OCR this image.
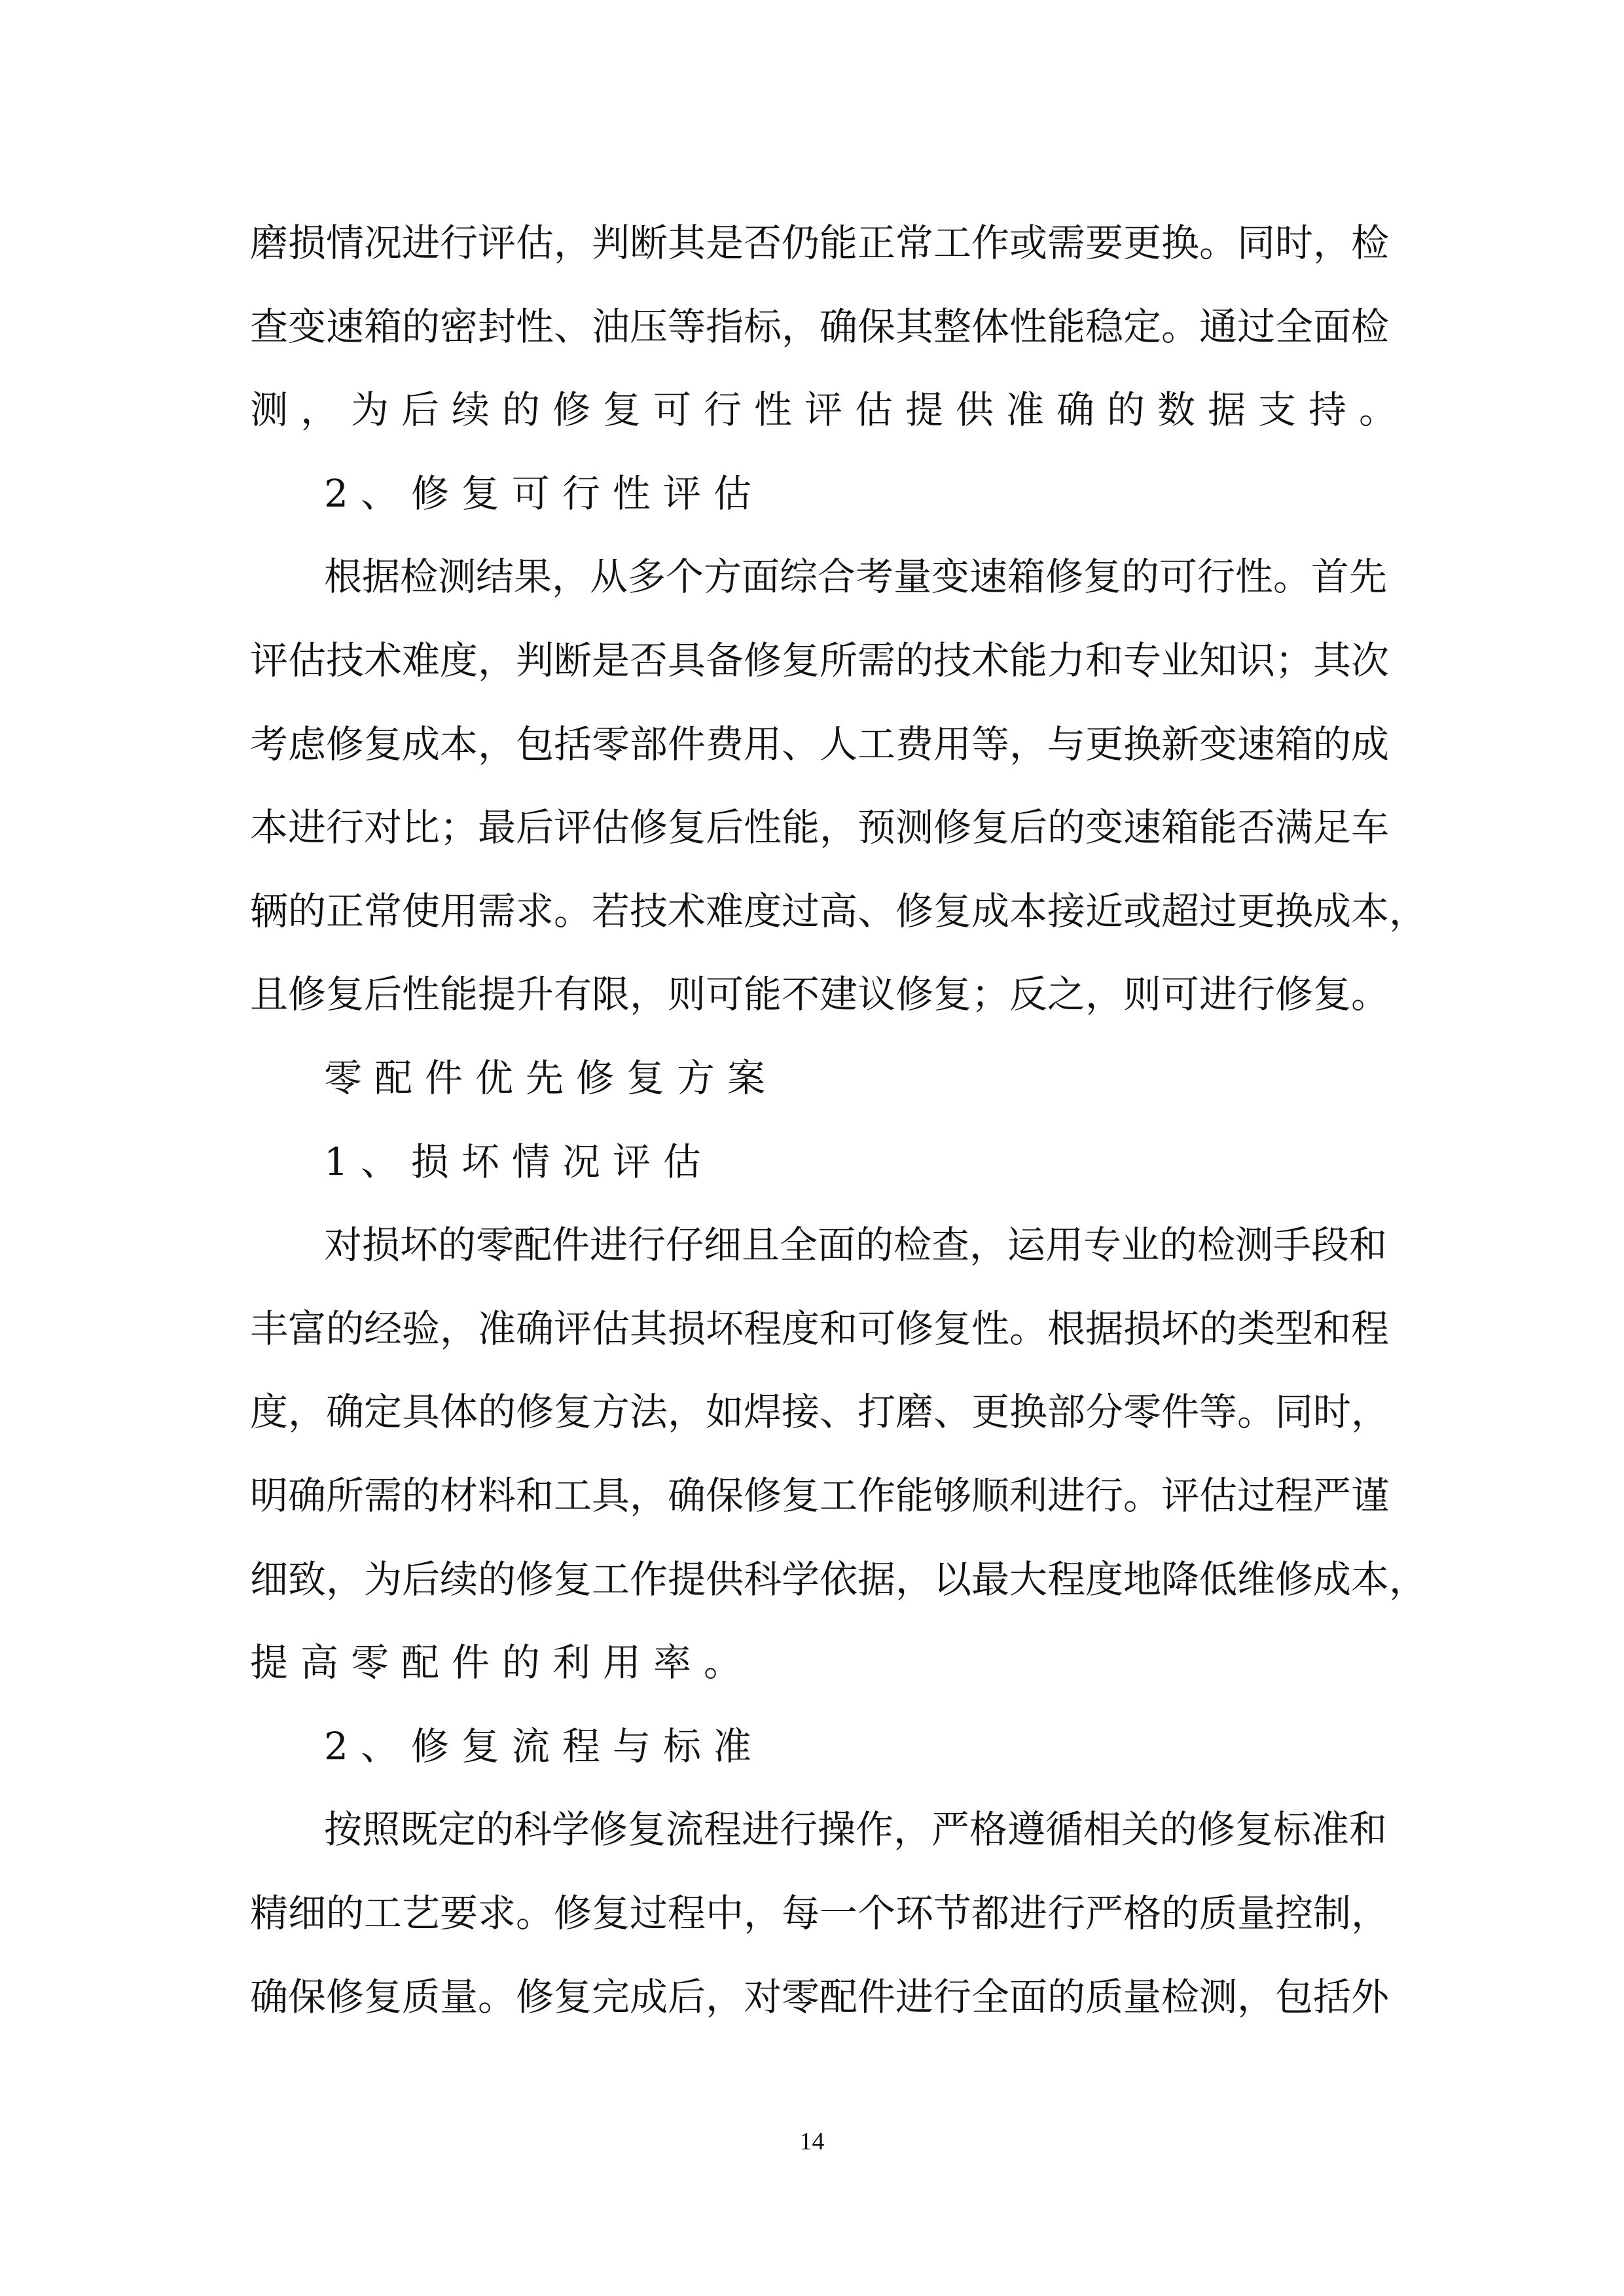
磨损情况进行评估，判断其是否仍能正常工作或需要更换。同时，检
查变速箱的密封性、油压等指标，确保其整体性能稳定。通过全面检
测，为后续的修复可行性评估提供准确的数据支持。
2、修复可行性评估
根据检测结果，从多个方面综合考量变速箱修复的可行性。首先
评估技术难度，判断是否具备修复所需的技术能力和专业知识；其次
考虑修复成本，包括零部件费用、人工费用等，与更换新变速箱的成
本进行对比；最后评估修复后性能，预测修复后的变速箱能否满足车
辆的正常使用需求。若技术难度过高、修复成本接近或超过更换成本，
且修复后性能提升有限，则可能不建议修复；反之，则可进行修复。
零配件优先修复方案
1、损坏情况评估
对损坏的零配件进行仔细且全面的检查，运用专业的检测手段和
丰富的经验，准确评估其损坏程度和可修复性。根据损坏的类型和程
度，确定具体的修复方法，如焊接、打磨、更换部分零件等。同时，
明确所需的材料和工具，确保修复工作能够顺利进行。评估过程严谨
细致，为后续的修复工作提供科学依据，以最大程度地降低维修成本，
提高零配件的利用率。
2、修复流程与标准
按照既定的科学修复流程进行操作，严格遵循相关的修复标准和
精细的工艺要求。修复过程中，每一个环节都进行严格的质量控制，
确保修复质量。修复完成后，对零配件进行全面的质量检测，包括外
14
